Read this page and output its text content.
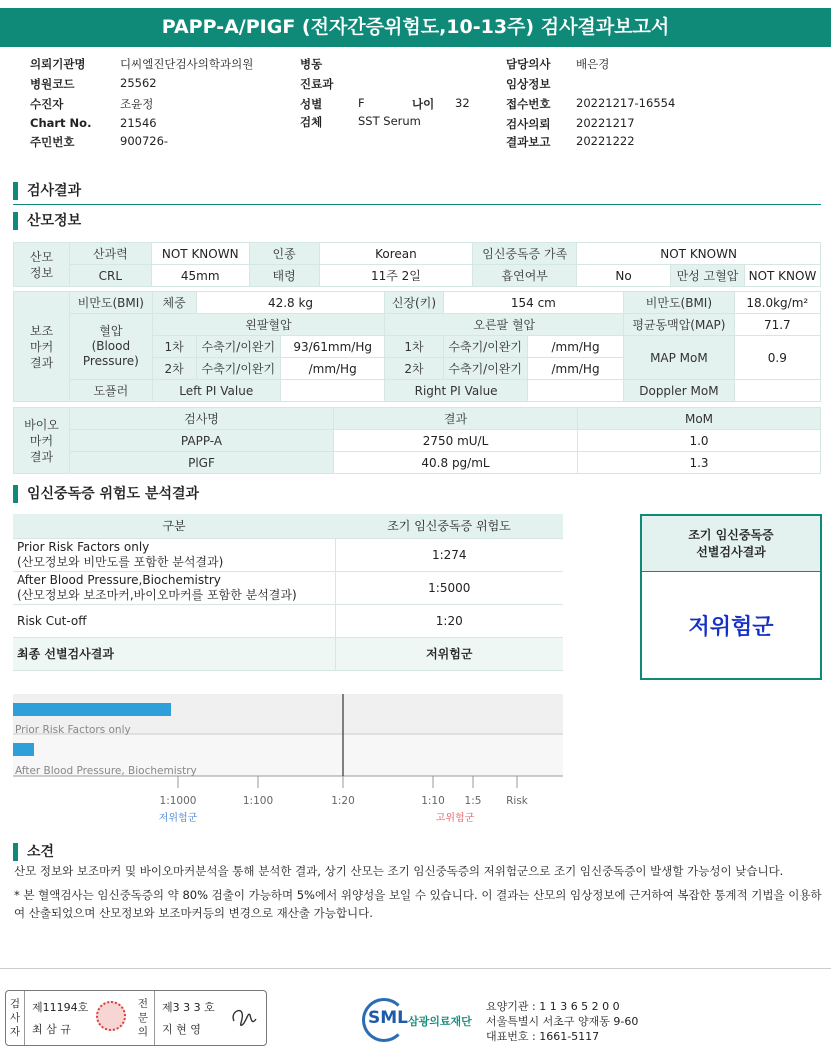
PAPP-A/PIGF (전자간증위험도,10-13주) 검사결과보고서
의뢰기관명	디씨엘진단검사의학과의원
병원코드	25562
수진자	조윤정
Chart No. 21546
주민번호	900726-
병동
진료과
성별	F	나이 32
검체	SST Serum
담당의사 배은경
임상정보
접수번호 20221217-16554
검사의뢰 20221217
결과보고 20221222
검사결과
산모정보
산모
정보	산과력	NOT KNOWN	인종	Korean	임신중독증 가족	NOT KNOWN		
	CRL	45mm	태령	11주 2일	흡연여부	No	만성 고혈압	NOT KNOW
보조
마커
결과	비만도(BMI)	체중	42.8 kg		신장(키)	154 cm		비만도(BMI)	18.0kg/m²
	혈압
(Blood
Pressure)	왼팔혈압			오른팔 혈압			평균동맥압(MAP)	71.7
		1차	수축기/이완기	93/61mm/Hg	1차	수축기/이완기	/mm/Hg	MAP MoM	0.9
		2차	수축기/이완기	/mm/Hg	2차	수축기/이완기	/mm/Hg		
	도플러	Left PI Value			Right PI Value			Doppler MoM	
바이오
마커
결과	검사명	결과	MoM
	PAPP-A	2750 mU/L	1.0
	PlGF	40.8 pg/mL	1.3
임신중독증 위험도 분석결과
구분	조기 임신중독증 위험도
Prior Risk Factors only
(산모정보와 비만도를 포함한 분석결과)	1:274
After Blood Pressure,Biochemistry
(산모정보와 보조마커,바이오마커를 포함한 분석결과)	1:5000
Risk Cut-off	1:20
최종 선별검사결과	저위험군
조기 임신중독증
선별검사결과
저위험군
Prior Risk Factors only
After Blood Pressure, Biochemistry
1:1000	1:100	1:20	1:10 1:5 Risk
저위험군	고위험군
소견
산모 정보와 보조마커 및 바이오마커분석을 통해 분석한 결과, 상기 산모는 조기 임신중독증의 저위험군으로 조기 임신중독증이 발생할 가능성이 낮습니다.
* 본 혈액검사는 임신중독증의 약 80% 검출이 가능하며 5%에서 위양성을 보일 수 있습니다. 이 결과는 산모의 임상정보에 근거하여 복잡한 통계적 기법을 이용하여 산출되었으며 산모정보와 보조마커등의 변경으로 재산출 가능합니다.
검사자
제11194호
최 삼 규
전문의
제3 3 3 호
지 현 영
SML 삼광의료재단
요양기관 : 1 1 3 6 5 2 0 0
서울특별시 서초구 양재동 9-60
대표번호 : 1661-5117
